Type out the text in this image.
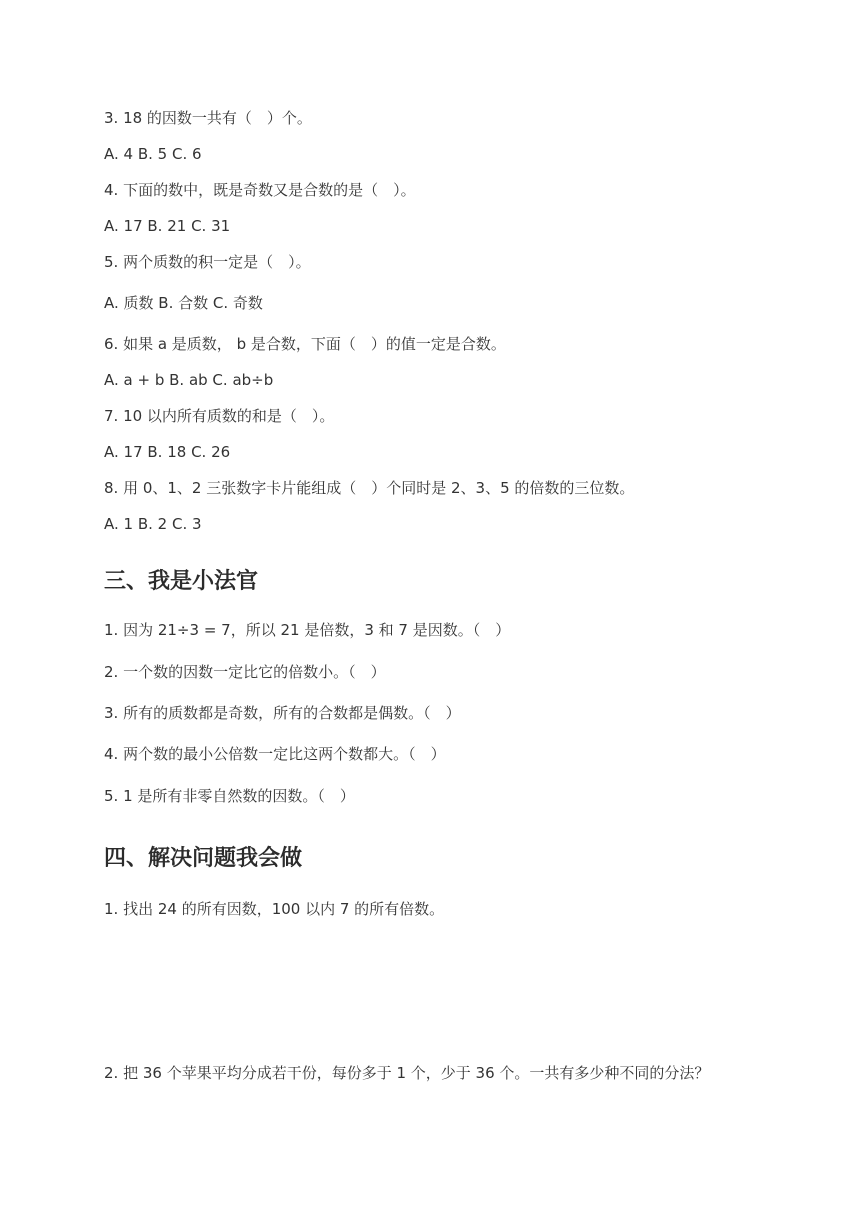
3. 18 的因数一共有（　）个。
A. 4 B. 5 C. 6
4. 下面的数中，既是奇数又是合数的是（　）。
A. 17 B. 21 C. 31
5. 两个质数的积一定是（　）。
A. 质数 B. 合数 C. 奇数
6. 如果 a 是质数， b 是合数，下面（　）的值一定是合数。
A. a + b B. ab C. ab÷b
7. 10 以内所有质数的和是（　）。
A. 17 B. 18 C. 26
8. 用 0、1、2 三张数字卡片能组成（　）个同时是 2、3、5 的倍数的三位数。
A. 1 B. 2 C. 3
三、我是小法官
1. 因为 21÷3 = 7，所以 21 是倍数，3 和 7 是因数。（　）
2. 一个数的因数一定比它的倍数小。（　）
3. 所有的质数都是奇数，所有的合数都是偶数。（　）
4. 两个数的最小公倍数一定比这两个数都大。（　）
5. 1 是所有非零自然数的因数。（　）
四、解决问题我会做
1. 找出 24 的所有因数，100 以内 7 的所有倍数。
2. 把 36 个苹果平均分成若干份，每份多于 1 个，少于 36 个。一共有多少种不同的分法？
